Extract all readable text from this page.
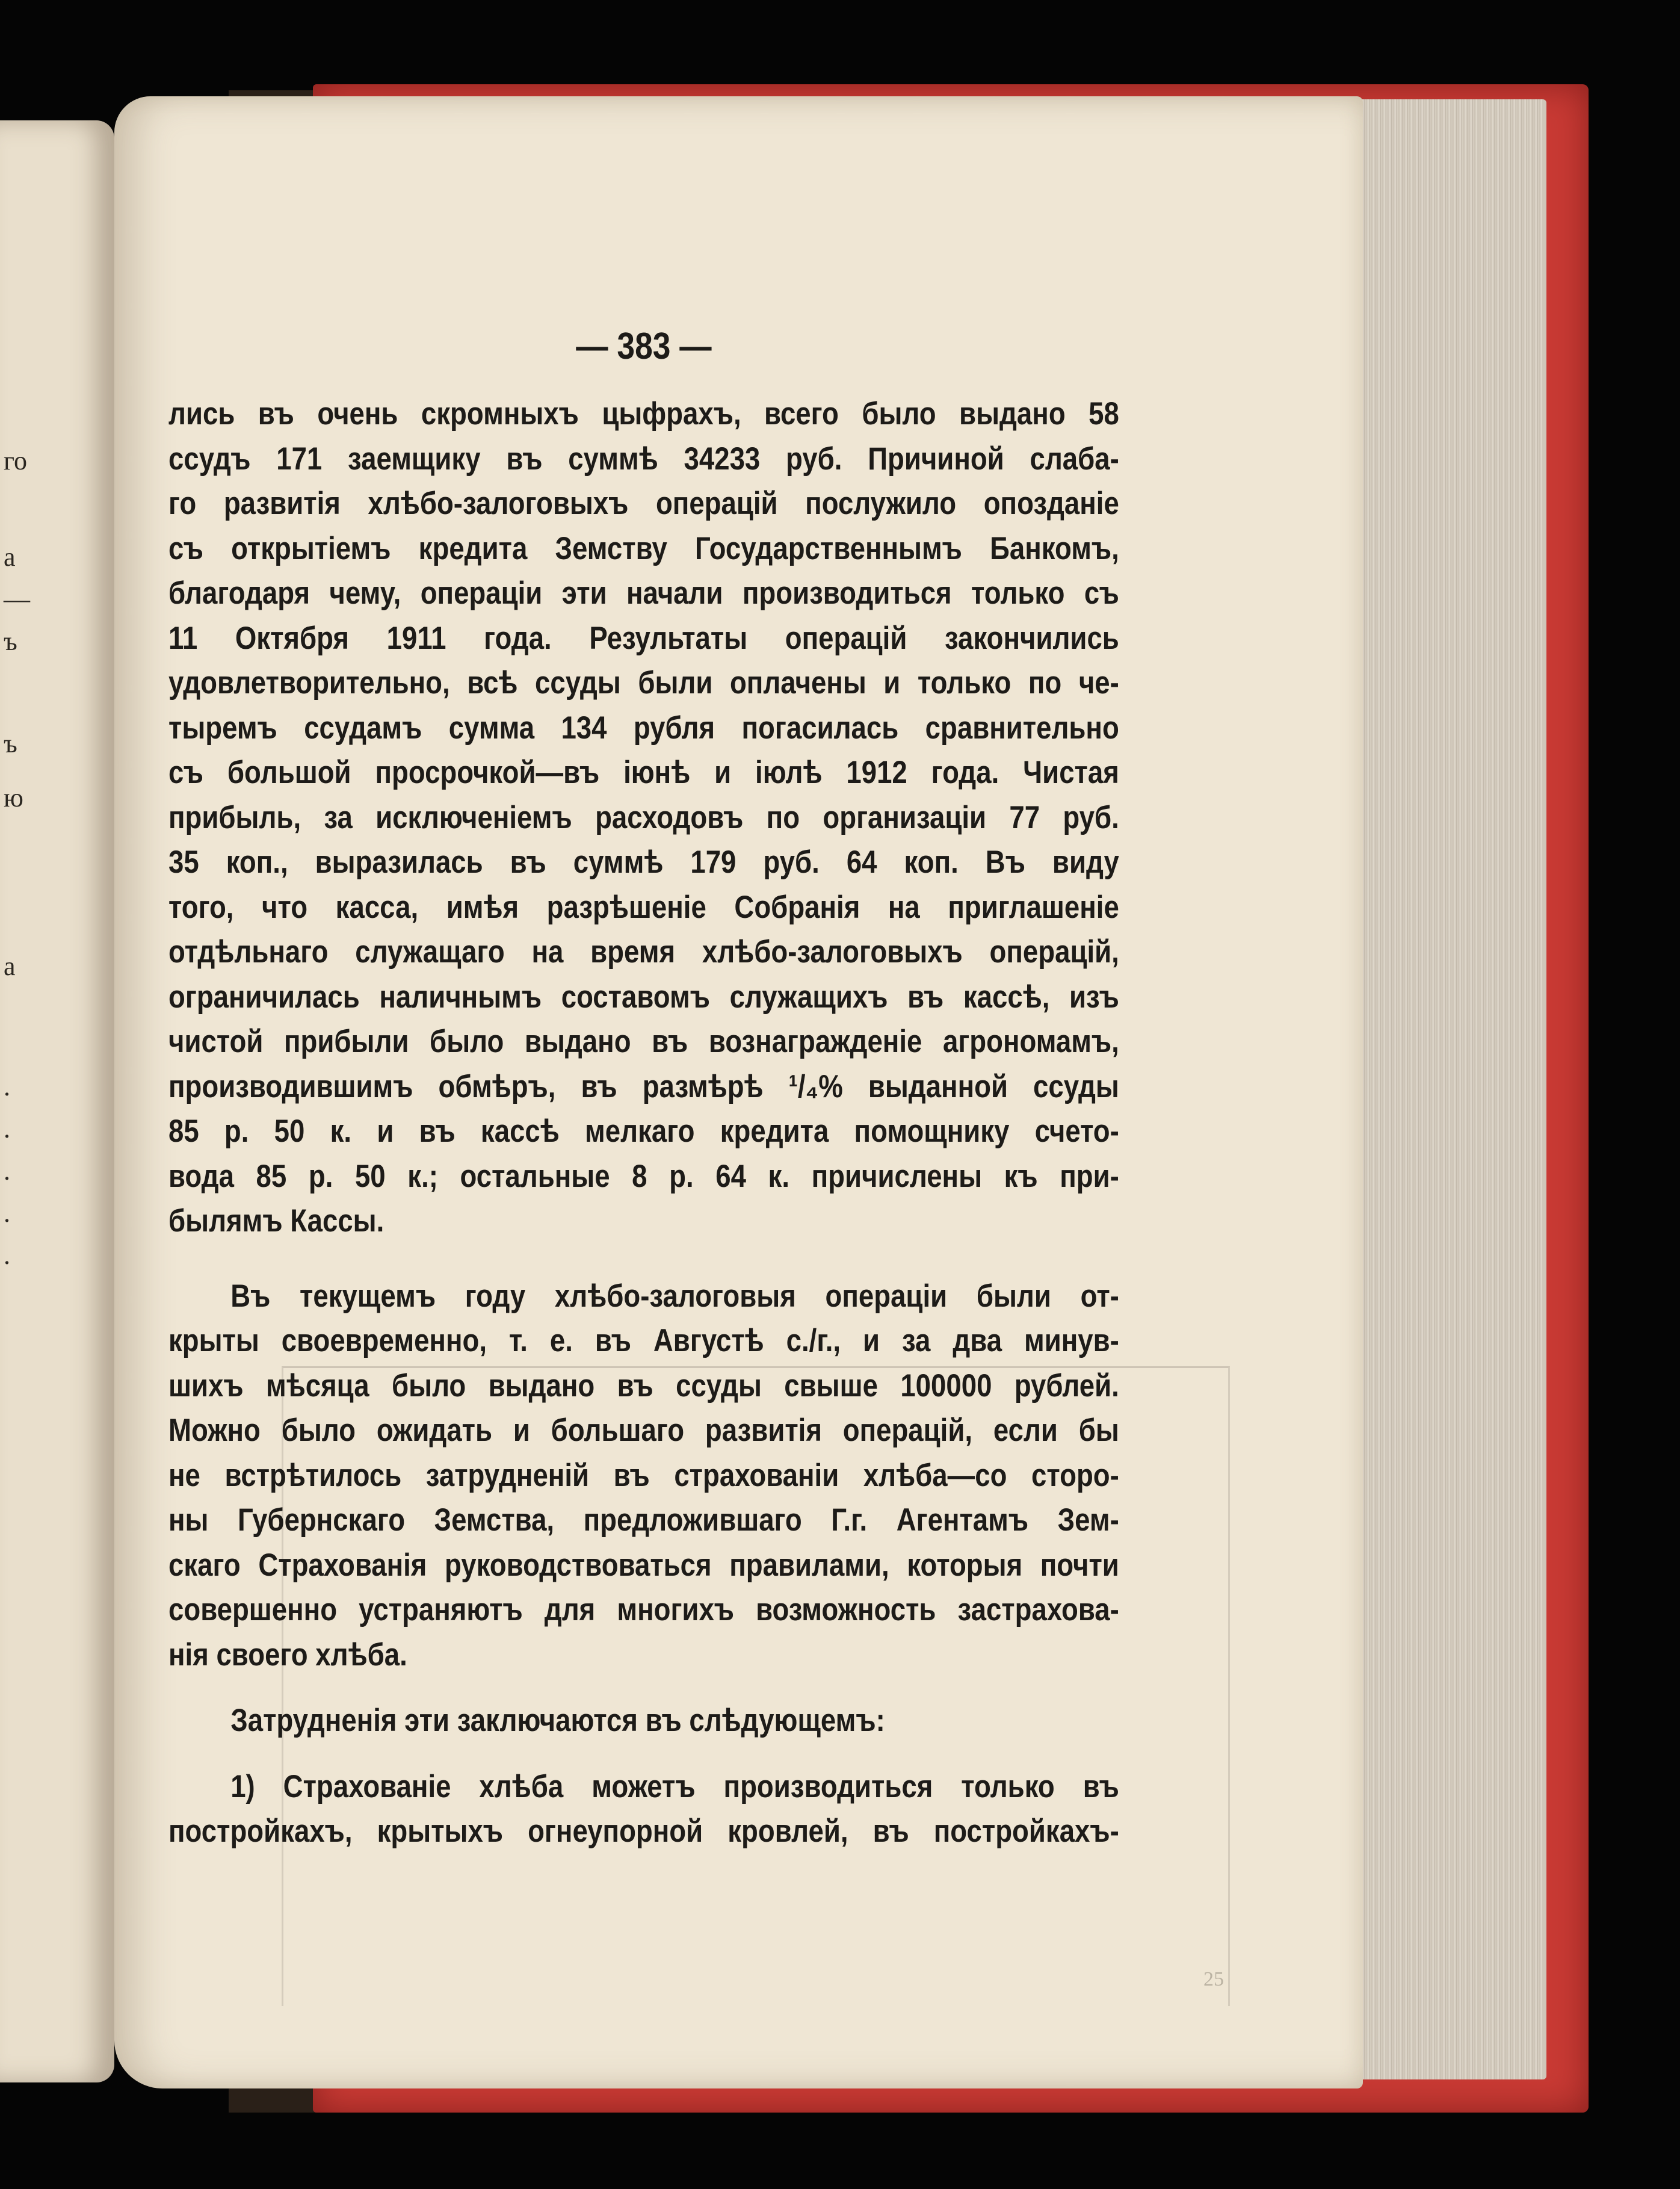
го
а
—
ъ
ъ
ю
а
.
.
.
.
.
25
— 383 —
лись въ очень скромныхъ цыфрахъ, всего было выдано 58
ссудъ 171 заемщику въ суммѣ 34233 руб. Причиной слаба-
го развитія хлѣбо-залоговыхъ операцій послужило опозданіе
съ открытіемъ кредита Земству Государственнымъ Банкомъ,
благодаря чему, операціи эти начали производиться только съ
11 Октября 1911 года. Результаты операцій закончились
удовлетворительно, всѣ ссуды были оплачены и только по че-
тыремъ ссудамъ сумма 134 рубля погасилась сравнительно
съ большой просрочкой—въ іюнѣ и іюлѣ 1912 года. Чистая
прибыль, за исключеніемъ расходовъ по организаціи 77 руб.
35 коп., выразилась въ суммѣ 179 руб. 64 коп. Въ виду
того, что касса, имѣя разрѣшеніе Собранія на приглашеніе
отдѣльнаго служащаго на время хлѣбо-залоговыхъ операцій,
ограничилась наличнымъ составомъ служащихъ въ кассѣ, изъ
чистой прибыли было выдано въ вознагражденіе агрономамъ,
производившимъ обмѣръ, въ размѣрѣ ¹/₄% выданной ссуды
85 р. 50 к. и въ кассѣ мелкаго кредита помощнику счето-
вода 85 р. 50 к.; остальные 8 р. 64 к. причислены къ при-
былямъ Кассы.
Въ текущемъ году хлѣбо-залоговыя операціи были от-
крыты своевременно, т. е. въ Августѣ с./г., и за два минув-
шихъ мѣсяца было выдано въ ссуды свыше 100000 рублей.
Можно было ожидать и большаго развитія операцій, если бы
не встрѣтилось затрудненій въ страхованіи хлѣба—со сторо-
ны Губернскаго Земства, предложившаго Г.г. Агентамъ Зем-
скаго Страхованія руководствоваться правилами, которыя почти
совершенно устраняютъ для многихъ возможность застрахова-
нія своего хлѣба.
Затрудненія эти заключаются въ слѣдующемъ:
1) Страхованіе хлѣба можетъ производиться только въ
постройкахъ, крытыхъ огнеупорной кровлей, въ постройкахъ-
